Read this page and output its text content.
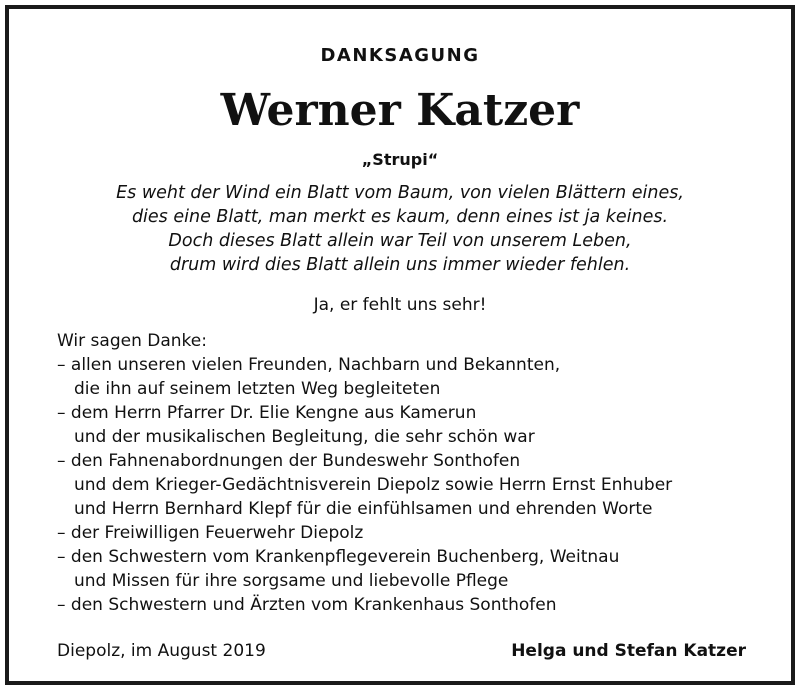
DANKSAGUNG
Werner Katzer
„Strupi“
Es weht der Wind ein Blatt vom Baum, von vielen Blättern eines,
dies eine Blatt, man merkt es kaum, denn eines ist ja keines.
Doch dieses Blatt allein war Teil von unserem Leben,
drum wird dies Blatt allein uns immer wieder fehlen.
Ja, er fehlt uns sehr!
Wir sagen Danke:
– allen unseren vielen Freunden, Nachbarn und Bekannten,
die ihn auf seinem letzten Weg begleiteten
– dem Herrn Pfarrer Dr. Elie Kengne aus Kamerun
und der musikalischen Begleitung, die sehr schön war
– den Fahnenabordnungen der Bundeswehr Sonthofen
und dem Krieger-Gedächtnisverein Diepolz sowie Herrn Ernst Enhuber
und Herrn Bernhard Klepf für die einfühlsamen und ehrenden Worte
– der Freiwilligen Feuerwehr Diepolz
– den Schwestern vom Krankenpflegeverein Buchenberg, Weitnau
und Missen für ihre sorgsame und liebevolle Pflege
– den Schwestern und Ärzten vom Krankenhaus Sonthofen
Diepolz, im August 2019	Helga und Stefan Katzer
